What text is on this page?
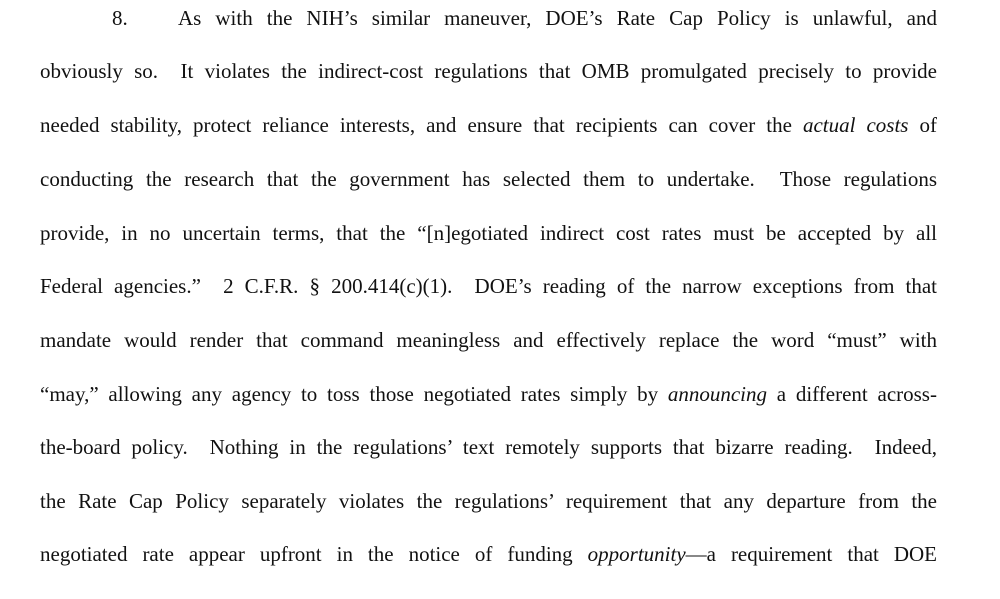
8. As with the NIH’s similar maneuver, DOE’s Rate Cap Policy is unlawful, and
obviously so.  It violates the indirect-cost regulations that OMB promulgated precisely to provide
needed stability, protect reliance interests, and ensure that recipients can cover the actual costs of
conducting the research that the government has selected them to undertake.  Those regulations
provide, in no uncertain terms, that the “[n]egotiated indirect cost rates must be accepted by all
Federal agencies.”  2 C.F.R. § 200.414(c)(1).  DOE’s reading of the narrow exceptions from that
mandate would render that command meaningless and effectively replace the word “must” with
“may,” allowing any agency to toss those negotiated rates simply by announcing a different across-
the-board policy.  Nothing in the regulations’ text remotely supports that bizarre reading.  Indeed,
the Rate Cap Policy separately violates the regulations’ requirement that any departure from the
negotiated rate appear upfront in the notice of funding opportunity—a requirement that DOE
